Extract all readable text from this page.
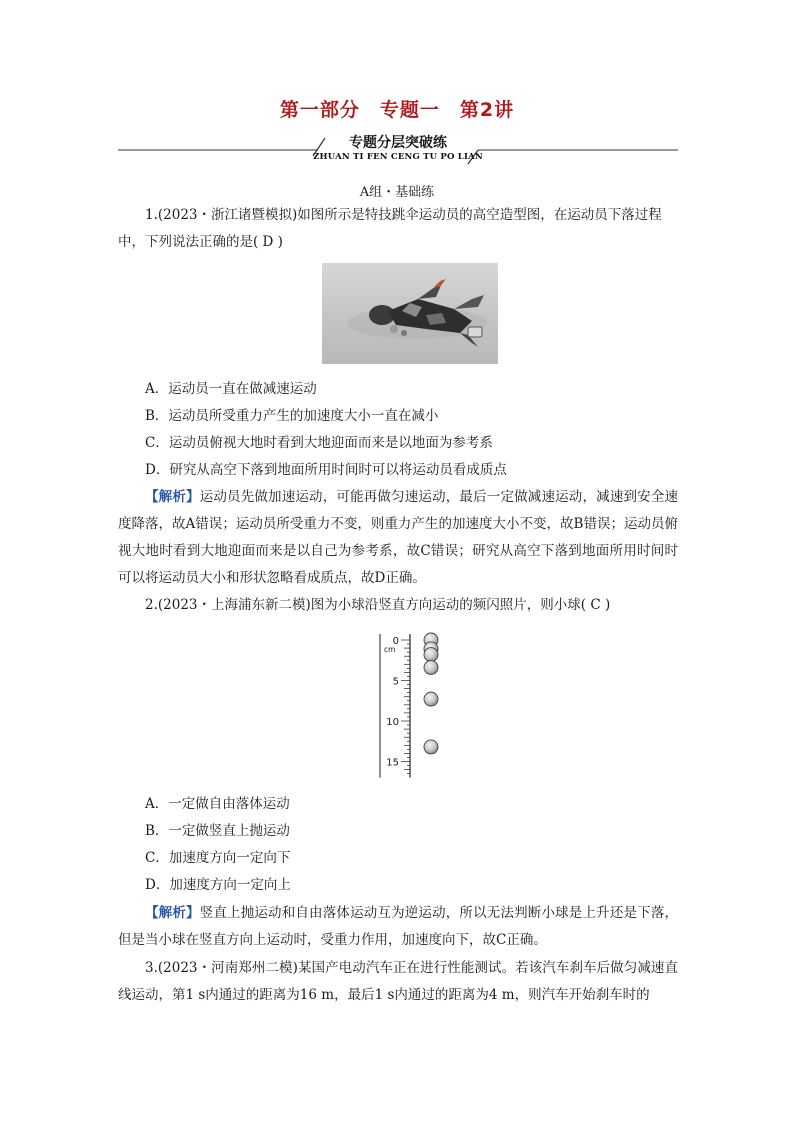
第一部分　专题一　第2讲
专题分层突破练
ZHUAN TI FEN CENG TU PO LIAN
A组・基础练
1.(2023・浙江诸暨模拟)如图所示是特技跳伞运动员的高空造型图，在运动员下落过程
中，下列说法正确的是( D )
A．运动员一直在做减速运动
B．运动员所受重力产生的加速度大小一直在减小
C．运动员俯视大地时看到大地迎面而来是以地面为参考系
D．研究从高空下落到地面所用时间时可以将运动员看成质点
【解析】运动员先做加速运动，可能再做匀速运动，最后一定做减速运动，减速到安全速度降落，故A错误；运动员所受重力不变，则重力产生的加速度大小不变，故B错误；运动员俯视大地时看到大地迎面而来是以自己为参考系，故C错误；研究从高空下落到地面所用时间时可以将运动员大小和形状忽略看成质点，故D正确。
2.(2023・上海浦东新二模)图为小球沿竖直方向运动的频闪照片，则小球( C )
0
5
10
15
cm
A．一定做自由落体运动
B．一定做竖直上抛运动
C．加速度方向一定向下
D．加速度方向一定向上
【解析】竖直上抛运动和自由落体运动互为逆运动，所以无法判断小球是上升还是下落，但是当小球在竖直方向上运动时，受重力作用，加速度向下，故C正确。
3.(2023・河南郑州二模)某国产电动汽车正在进行性能测试。若该汽车刹车后做匀减速直线运动，第1 s内通过的距离为16 m，最后1 s内通过的距离为4 m，则汽车开始刹车时的
